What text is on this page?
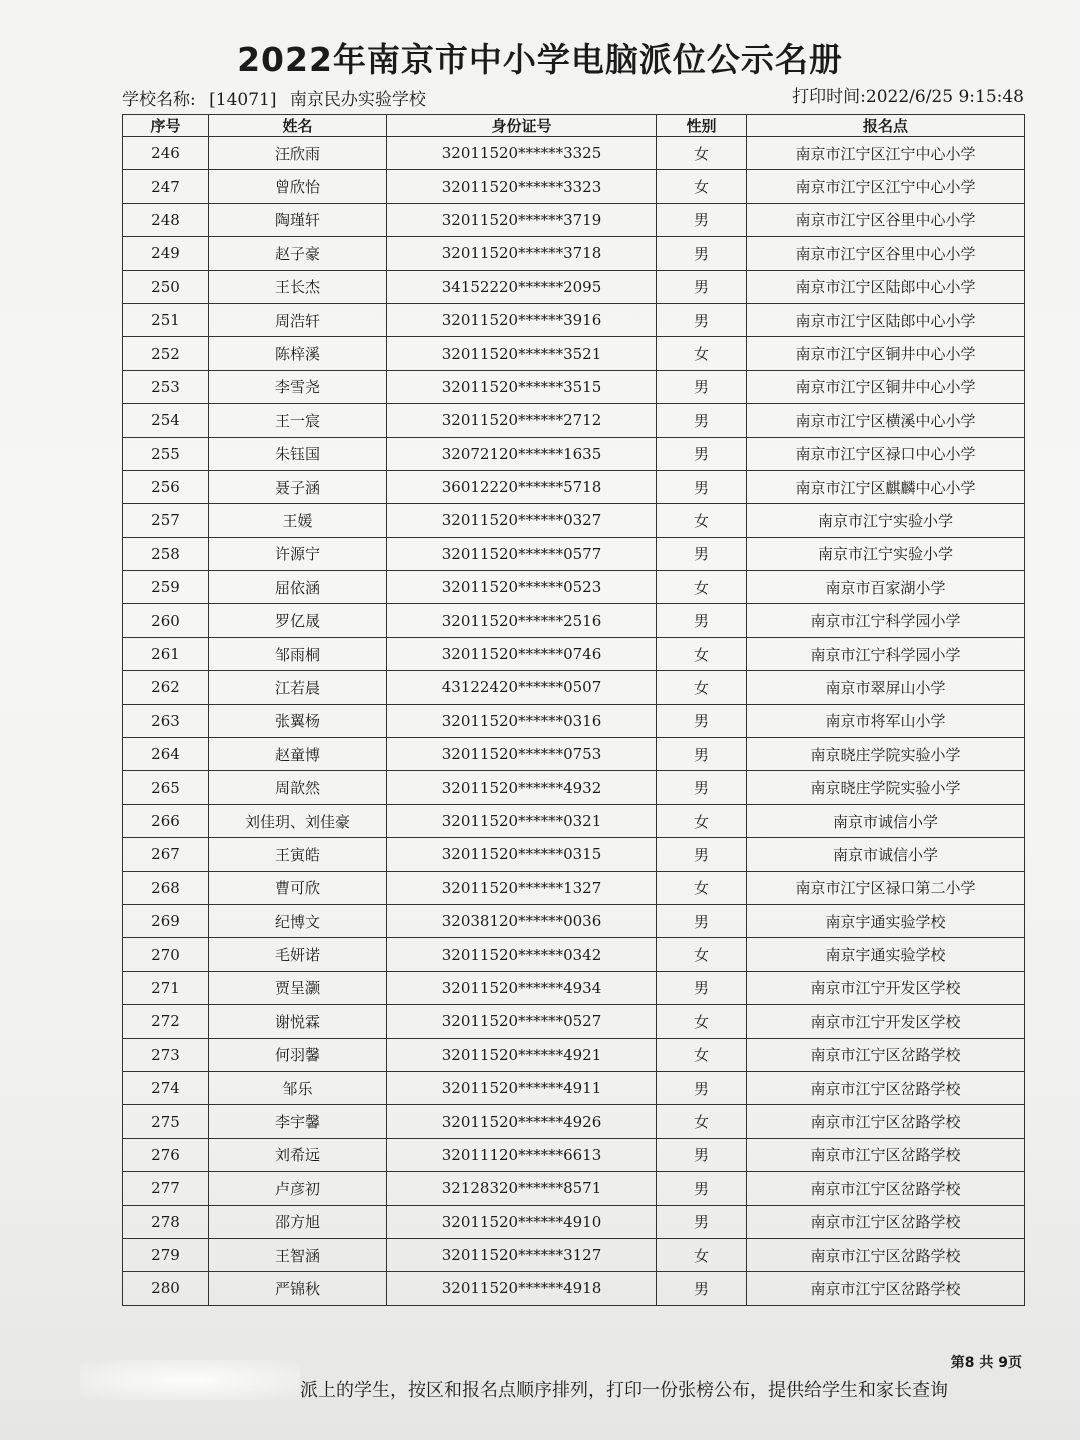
2022年南京市中小学电脑派位公示名册
学校名称: [14071] 南京民办实验学校	打印时间:2022/6/25 9:15:48
序号	姓名	身份证号	性别	报名点
246	汪欣雨	32011520******3325	女	南京市江宁区江宁中心小学
247	曾欣怡	32011520******3323	女	南京市江宁区江宁中心小学
248	陶瑾轩	32011520******3719	男	南京市江宁区谷里中心小学
249	赵子豪	32011520******3718	男	南京市江宁区谷里中心小学
250	王长杰	34152220******2095	男	南京市江宁区陆郎中心小学
251	周浩轩	32011520******3916	男	南京市江宁区陆郎中心小学
252	陈梓溪	32011520******3521	女	南京市江宁区铜井中心小学
253	李雪尧	32011520******3515	男	南京市江宁区铜井中心小学
254	王一宸	32011520******2712	男	南京市江宁区横溪中心小学
255	朱钰国	32072120******1635	男	南京市江宁区禄口中心小学
256	聂子涵	36012220******5718	男	南京市江宁区麒麟中心小学
257	王媛	32011520******0327	女	南京市江宁实验小学
258	许源宁	32011520******0577	男	南京市江宁实验小学
259	屈依涵	32011520******0523	女	南京市百家湖小学
260	罗亿晟	32011520******2516	男	南京市江宁科学园小学
261	邹雨桐	32011520******0746	女	南京市江宁科学园小学
262	江若晨	43122420******0507	女	南京市翠屏山小学
263	张翼杨	32011520******0316	男	南京市将军山小学
264	赵童博	32011520******0753	男	南京晓庄学院实验小学
265	周歆然	32011520******4932	男	南京晓庄学院实验小学
266	刘佳玥、刘佳豪	32011520******0321	女	南京市诚信小学
267	王寅皓	32011520******0315	男	南京市诚信小学
268	曹可欣	32011520******1327	女	南京市江宁区禄口第二小学
269	纪博文	32038120******0036	男	南京宇通实验学校
270	毛妍诺	32011520******0342	女	南京宇通实验学校
271	贾呈灏	32011520******4934	男	南京市江宁开发区学校
272	谢悦霖	32011520******0527	女	南京市江宁开发区学校
273	何羽馨	32011520******4921	女	南京市江宁区岔路学校
274	邹乐	32011520******4911	男	南京市江宁区岔路学校
275	李宇馨	32011520******4926	女	南京市江宁区岔路学校
276	刘希远	32011120******6613	男	南京市江宁区岔路学校
277	卢彦初	32128320******8571	男	南京市江宁区岔路学校
278	邵方旭	32011520******4910	男	南京市江宁区岔路学校
279	王智涵	32011520******3127	女	南京市江宁区岔路学校
280	严锦秋	32011520******4918	男	南京市江宁区岔路学校
第8 共 9页
派上的学生，按区和报名点顺序排列，打印一份张榜公布，提供给学生和家长查询
